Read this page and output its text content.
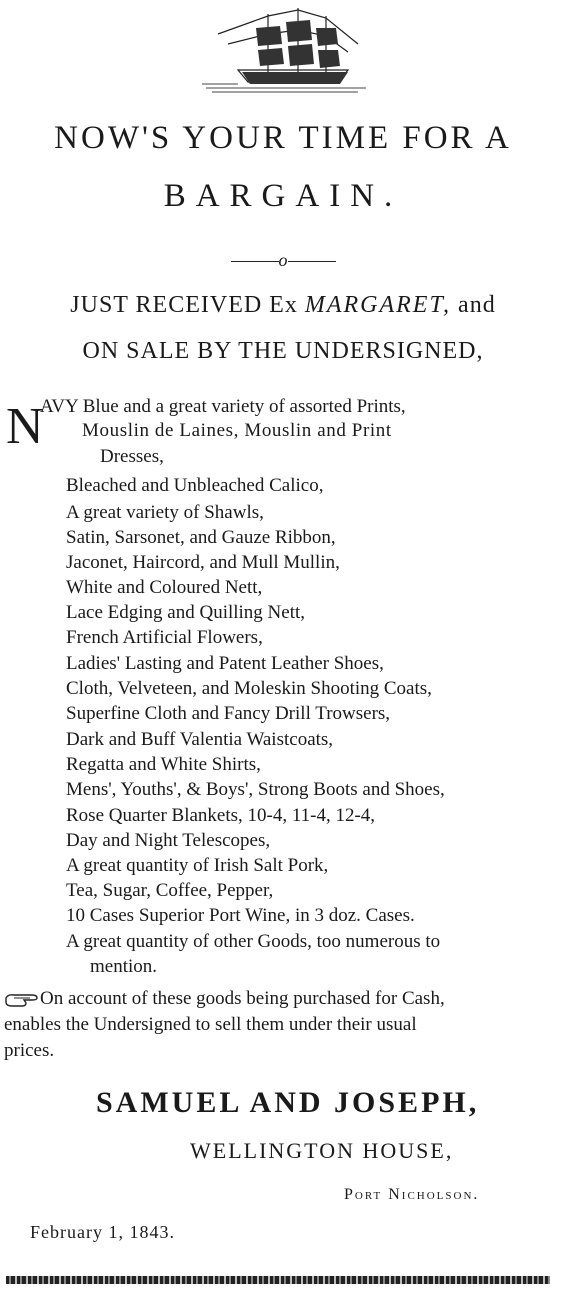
NOW'S YOUR TIME FOR A
BARGAIN.
o
JUST RECEIVED Ex MARGARET, and
ON SALE BY THE UNDERSIGNED,
N
AVY Blue and a great variety of assorted Prints,
Mouslin de Laines, Mouslin and Print
Dresses,
Bleached and Unbleached Calico,
A great variety of Shawls,
Satin, Sarsonet, and Gauze Ribbon,
Jaconet, Haircord, and Mull Mullin,
White and Coloured Nett,
Lace Edging and Quilling Nett,
French Artificial Flowers,
Ladies' Lasting and Patent Leather Shoes,
Cloth, Velveteen, and Moleskin Shooting Coats,
Superfine Cloth and Fancy Drill Trowsers,
Dark and Buff Valentia Waistcoats,
Regatta and White Shirts,
Mens', Youths', & Boys', Strong Boots and Shoes,
Rose Quarter Blankets, 10-4, 11-4, 12-4,
Day and Night Telescopes,
A great quantity of Irish Salt Pork,
Tea, Sugar, Coffee, Pepper,
10 Cases Superior Port Wine, in 3 doz. Cases.
A great quantity of other Goods, too numerous to
mention.
On account of these goods being purchased for Cash,
enables the Undersigned to sell them under their usual
prices.
SAMUEL AND JOSEPH,
WELLINGTON HOUSE,
Port Nicholson.
February 1, 1843.
